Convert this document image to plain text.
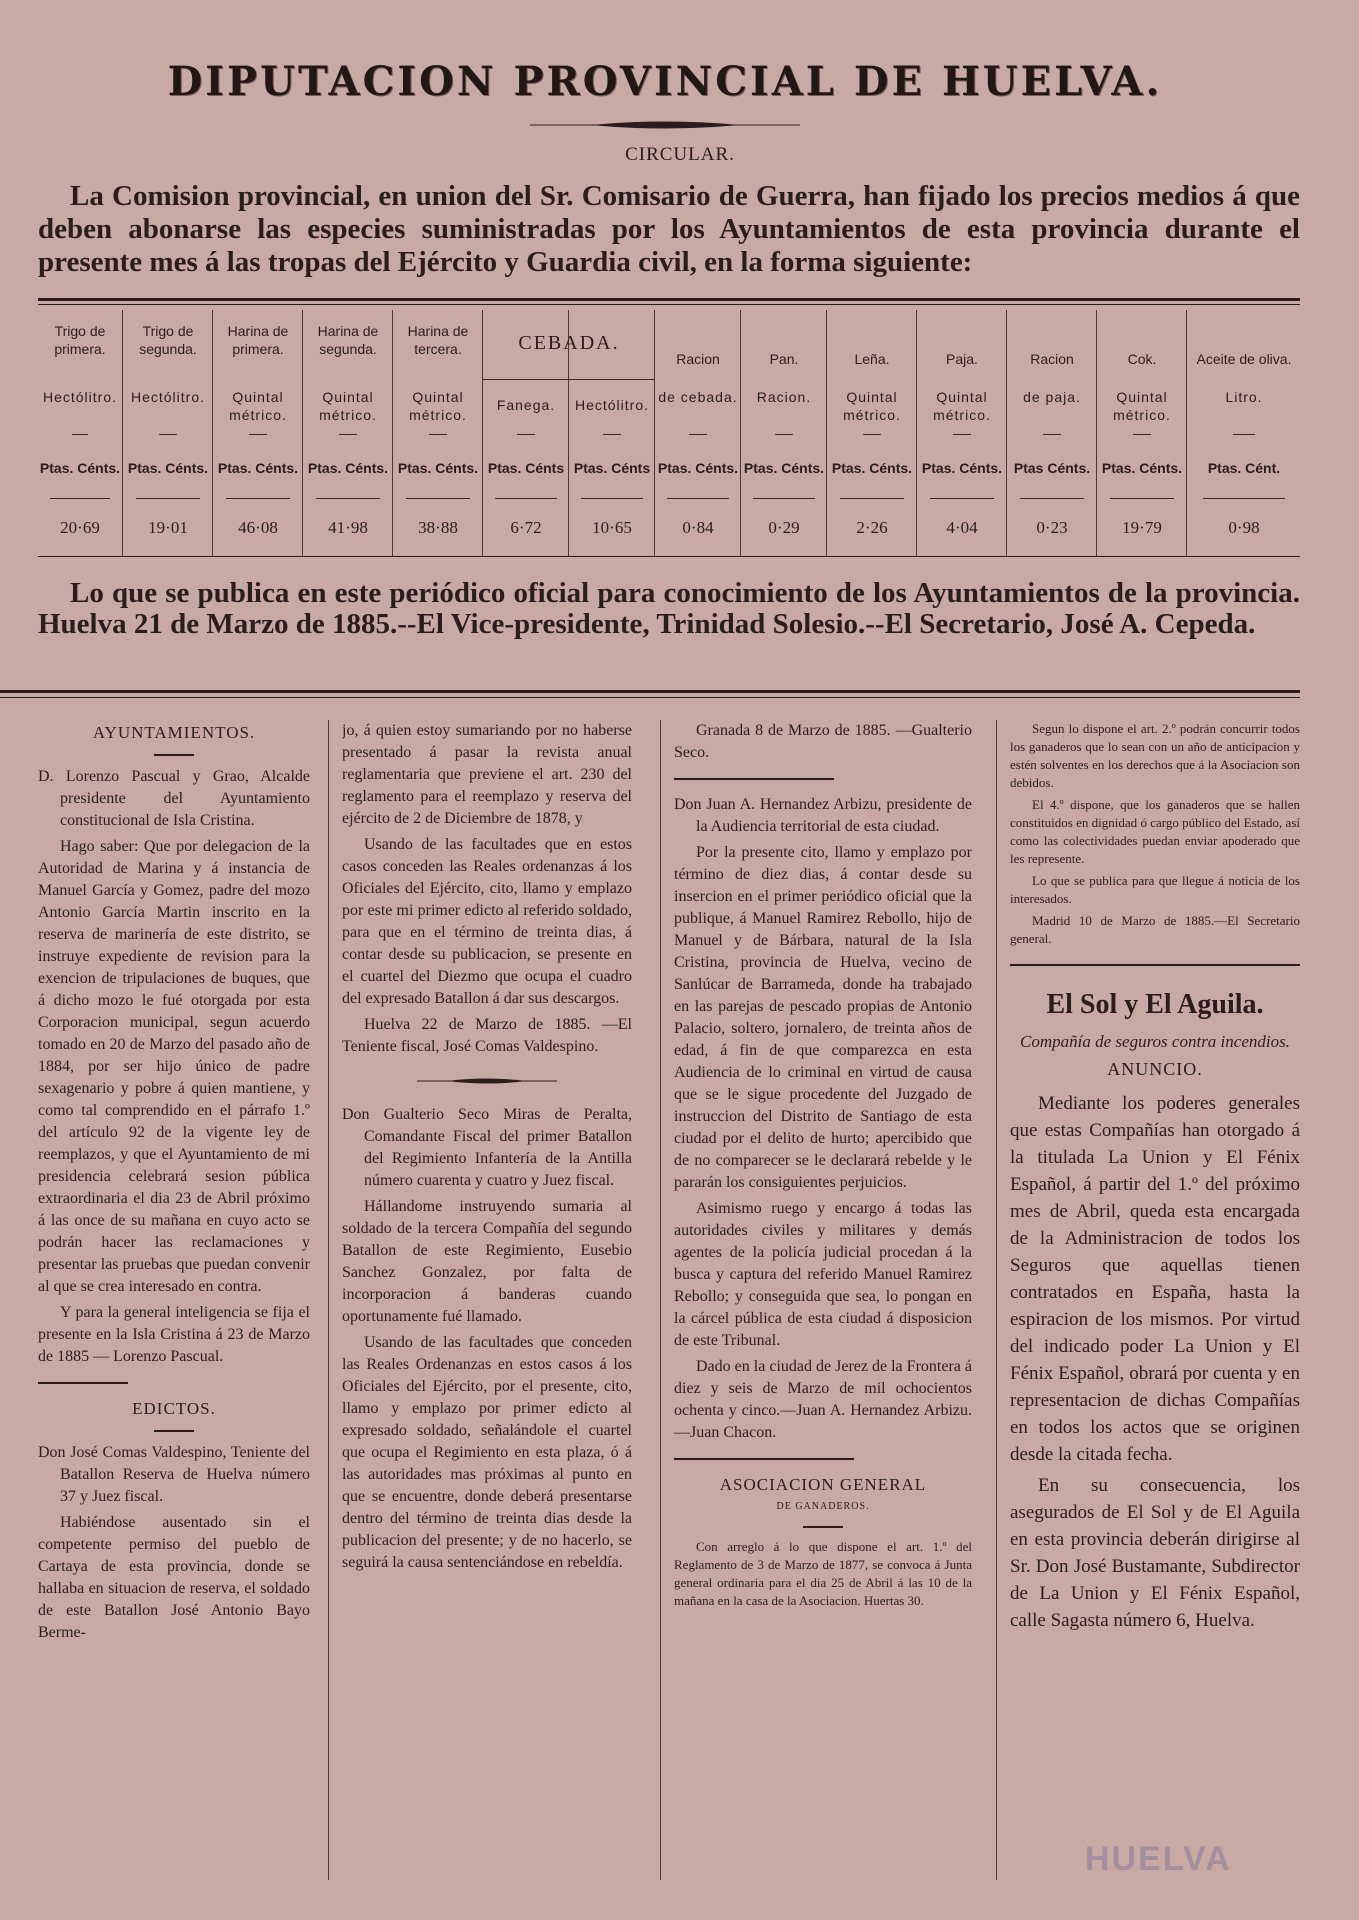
DIPUTACION PROVINCIAL DE HUELVA.
CIRCULAR.
La Comision provincial, en union del Sr. Comisario de Guerra, han fijado los precios medios á que deben abonarse las especies suministradas por los Ayuntamientos de esta provincia durante el presente mes á las tropas del Ejército y Guardia civil, en la forma siguiente:
Trigo de primera.
Hectólitro.
Ptas. Cénts.
20·69
Trigo de segunda.
Hectólitro.
Ptas. Cénts.
19·01
Harina de primera.
Quintal métrico.
Ptas. Cénts.
46·08
Harina de segunda.
Quintal métrico.
Ptas. Cénts.
41·98
Harina de tercera.
Quintal métrico.
Ptas. Cénts.
38·88
Fanega.
Ptas. Cénts
6·72
Hectólitro.
Ptas. Cénts
10·65
Racion
de cebada.
Ptas. Cénts.
0·84
Pan.
Racion.
Ptas. Cénts.
0·29
Leña.
Quintal métrico.
Ptas. Cénts.
2·26
Paja.
Quintal métrico.
Ptas. Cénts.
4·04
Racion
de paja.
Ptas Cénts.
0·23
Cok.
Quintal métrico.
Ptas. Cénts.
19·79
Aceite de oliva.
Litro.
Ptas. Cént.
0·98
CEBADA.
Lo que se publica en este periódico oficial para conocimiento de los Ayuntamientos de la provincia. Huelva 21 de Marzo de 1885.--El Vice-presidente, Trinidad Solesio.--El Secretario, José A. Cepeda.
AYUNTAMIENTOS.

D. Lorenzo Pascual y Grao, Alcalde presidente del Ayuntamiento constitucional de Isla Cristina.

Hago saber: Que por delegacion de la Autoridad de Marina y á instancia de Manuel García y Gomez, padre del mozo Antonio García Martin inscrito en la reserva de marinería de este distrito, se instruye expediente de revision para la exencion de tripulaciones de buques, que á dicho mozo le fué otorgada por esta Corporacion municipal, segun acuerdo tomado en 20 de Marzo del pasado año de 1884, por ser hijo único de padre sexagenario y pobre á quien mantiene, y como tal comprendido en el párrafo 1.º del artículo 92 de la vigente ley de reemplazos, y que el Ayuntamiento de mi presidencia celebrará sesion pública extraordinaria el dia 23 de Abril próximo á las once de su mañana en cuyo acto se podrán hacer las reclamaciones y presentar las pruebas que puedan convenir al que se crea interesado en contra.

Y para la general inteligencia se fija el presente en la Isla Cristina á 23 de Marzo de 1885 — Lorenzo Pascual.

EDICTOS.

Don José Comas Valdespino, Teniente del Batallon Reserva de Huelva número 37 y Juez fiscal.

Habiéndose ausentado sin el competente permiso del pueblo de Cartaya de esta provincia, donde se hallaba en situacion de reserva, el soldado de este Batallon José Antonio Bayo Berme-

jo, á quien estoy sumariando por no haberse presentado á pasar la revista anual reglamentaria que previene el art. 230 del reglamento para el reemplazo y reserva del ejército de 2 de Diciembre de 1878, y

Usando de las facultades que en estos casos conceden las Reales ordenanzas á los Oficiales del Ejército, cito, llamo y emplazo por este mi primer edicto al referido soldado, para que en el término de treinta dias, á contar desde su publicacion, se presente en el cuartel del Diezmo que ocupa el cuadro del expresado Batallon á dar sus descargos.

Huelva 22 de Marzo de 1885. —El Teniente fiscal, José Comas Valdespino.

Don Gualterio Seco Miras de Peralta, Comandante Fiscal del primer Batallon del Regimiento Infantería de la Antilla número cuarenta y cuatro y Juez fiscal.

Hállandome instruyendo sumaria al soldado de la tercera Compañía del segundo Batallon de este Regimiento, Eusebio Sanchez Gonzalez, por falta de incorporacion á banderas cuando oportunamente fué llamado.

Usando de las facultades que conceden las Reales Ordenanzas en estos casos á los Oficiales del Ejército, por el presente, cito, llamo y emplazo por primer edicto al expresado soldado, señalándole el cuartel que ocupa el Regimiento en esta plaza, ó á las autoridades mas próximas al punto en que se encuentre, donde deberá presentarse dentro del término de treinta dias desde la publicacion del presente; y de no hacerlo, se seguirá la causa sentenciándose en rebeldía.

Granada 8 de Marzo de 1885. —Gualterio Seco.

Don Juan A. Hernandez Arbizu, presidente de la Audiencia territorial de esta ciudad.

Por la presente cito, llamo y emplazo por término de diez dias, á contar desde su insercion en el primer periódico oficial que la publique, á Manuel Ramirez Rebollo, hijo de Manuel y de Bárbara, natural de la Isla Cristina, provincia de Huelva, vecino de Sanlúcar de Barrameda, donde ha trabajado en las parejas de pescado propias de Antonio Palacio, soltero, jornalero, de treinta años de edad, á fin de que comparezca en esta Audiencia de lo criminal en virtud de causa que se le sigue procedente del Juzgado de instruccion del Distrito de Santiago de esta ciudad por el delito de hurto; apercibido que de no comparecer se le declarará rebelde y le pararán los consiguientes perjuicios.

Asimismo ruego y encargo á todas las autoridades civiles y militares y demás agentes de la policía judicial procedan á la busca y captura del referido Manuel Ramirez Rebollo; y conseguida que sea, lo pongan en la cárcel pública de esta ciudad á disposicion de este Tribunal.

Dado en la ciudad de Jerez de la Frontera á diez y seis de Marzo de mil ochocientos ochenta y cinco.—Juan A. Hernandez Arbizu.—Juan Chacon.

ASOCIACION GENERAL
DE GANADEROS.

Con arreglo á lo que dispone el art. 1.º del Reglamento de 3 de Marzo de 1877, se convoca á Junta general ordinaria para el dia 25 de Abril á las 10 de la mañana en la casa de la Asociacion. Huertas 30.

Segun lo dispone el art. 2.º podrán concurrir todos los ganaderos que lo sean con un año de anticipacion y estén solventes en los derechos que á la Asociacion son debidos.

El 4.º dispone, que los ganaderos que se hallen constituidos en dignidad ó cargo público del Estado, así como las colectividades puedan enviar apoderado que les represente.

Lo que se publica para que llegue á noticia de los interesados.

Madrid 10 de Marzo de 1885.—El Secretario general.

El Sol y El Aguila.
Compañía de seguros contra incendios.
ANUNCIO.

Mediante los poderes generales que estas Compañías han otorgado á la titulada La Union y El Fénix Español, á partir del 1.º del próximo mes de Abril, queda esta encargada de la Administracion de todos los Seguros que aquellas tienen contratados en España, hasta la espiracion de los mismos. Por virtud del indicado poder La Union y El Fénix Español, obrará por cuenta y en representacion de dichas Compañías en todos los actos que se originen desde la citada fecha.

En su consecuencia, los asegurados de El Sol y de El Aguila en esta provincia deberán dirigirse al Sr. Don José Bustamante, Subdirector de La Union y El Fénix Español, calle Sagasta número 6, Huelva.

HUELVA
